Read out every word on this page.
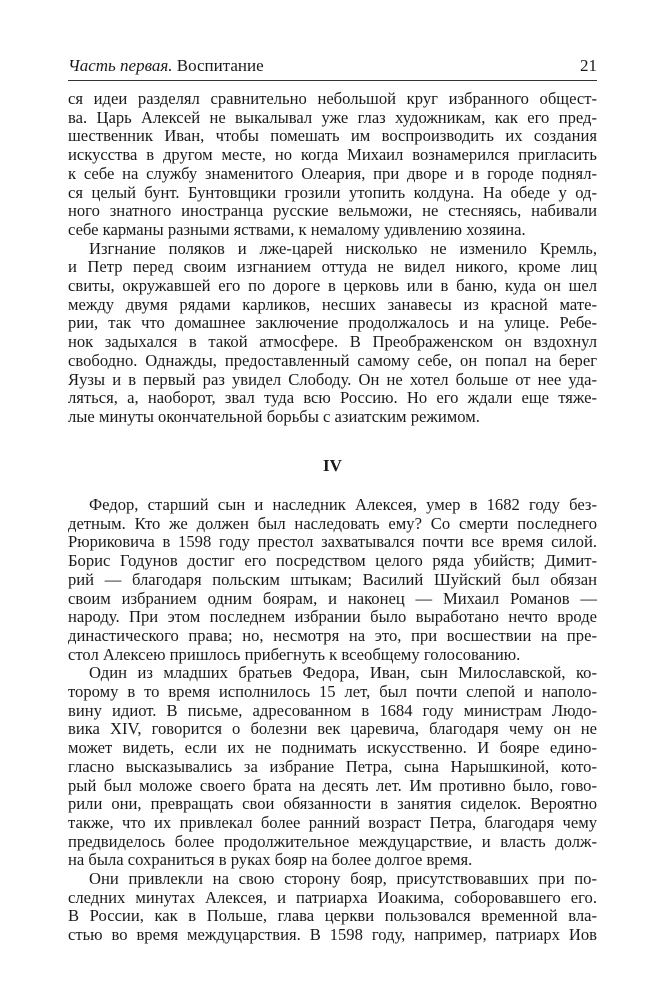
Часть первая. Воспитание	21
ся идеи разделял сравнительно небольшой круг избранного общест-
ва. Царь Алексей не выкалывал уже глаз художникам, как его пред-
шественник Иван, чтобы помешать им воспроизводить их создания
искусства в другом месте, но когда Михаил вознамерился пригласить
к себе на службу знаменитого Олеария, при дворе и в городе поднял-
ся целый бунт. Бунтовщики грозили утопить колдуна. На обеде у од-
ного знатного иностранца русские вельможи, не стесняясь, набивали
себе карманы разными яствами, к немалому удивлению хозяина.
Изгнание поляков и лже-царей нисколько не изменило Кремль,
и Петр перед своим изгнанием оттуда не видел никого, кроме лиц
свиты, окружавшей его по дороге в церковь или в баню, куда он шел
между двумя рядами карликов, несших занавесы из красной мате-
рии, так что домашнее заключение продолжалось и на улице. Ребе-
нок задыхался в такой атмосфере. В Преображенском он вздохнул
свободно. Однажды, предоставленный самому себе, он попал на берег
Яузы и в первый раз увидел Слободу. Он не хотел больше от нее уда-
ляться, а, наоборот, звал туда всю Россию. Но его ждали еще тяже-
лые минуты окончательной борьбы с азиатским режимом.
IV
Федор, старший сын и наследник Алексея, умер в 1682 году без-
детным. Кто же должен был наследовать ему? Со смерти последнего
Рюриковича в 1598 году престол захватывался почти все время силой.
Борис Годунов достиг его посредством целого ряда убийств; Димит-
рий — благодаря польским штыкам; Василий Шуйский был обязан
своим избранием одним боярам, и наконец — Михаил Романов —
народу. При этом последнем избрании было выработано нечто вроде
династического права; но, несмотря на это, при восшествии на пре-
стол Алексею пришлось прибегнуть к всеобщему голосованию.
Один из младших братьев Федора, Иван, сын Милославской, ко-
торому в то время исполнилось 15 лет, был почти слепой и наполо-
вину идиот. В письме, адресованном в 1684 году министрам Людо-
вика XIV, говорится о болезни век царевича, благодаря чему он не
может видеть, если их не поднимать искусственно. И бояре едино-
гласно высказывались за избрание Петра, сына Нарышкиной, кото-
рый был моложе своего брата на десять лет. Им противно было, гово-
рили они, превращать свои обязанности в занятия сиделок. Вероятно
также, что их привлекал более ранний возраст Петра, благодаря чему
предвиделось более продолжительное междуцарствие, и власть долж-
на была сохраниться в руках бояр на более долгое время.
Они привлекли на свою сторону бояр, присутствовавших при по-
следних минутах Алексея, и патриарха Иоакима, соборовавшего его.
В России, как в Польше, глава церкви пользовался временной вла-
стью во время междуцарствия. В 1598 году, например, патриарх Иов
